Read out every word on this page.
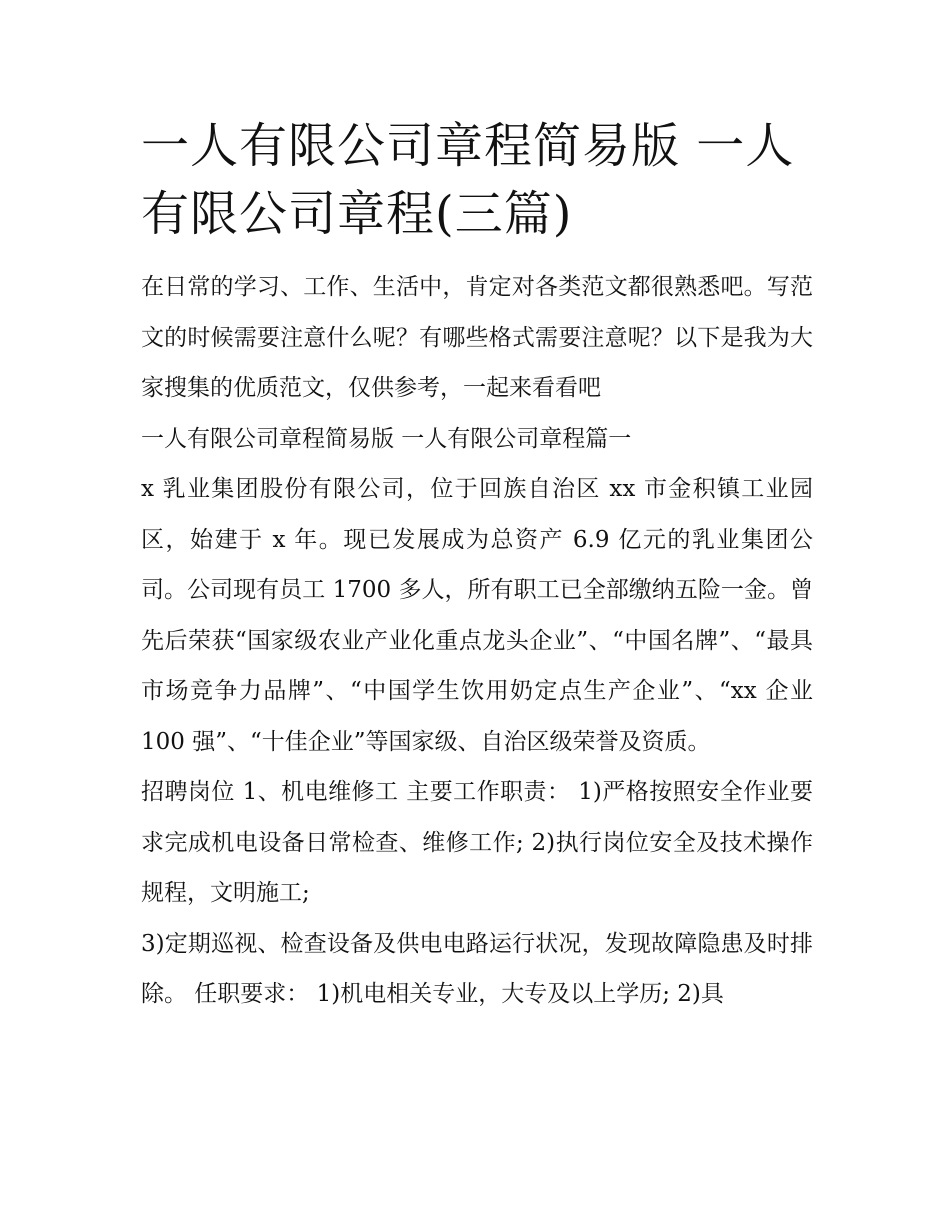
一人有限公司章程简易版 一人有限公司章程(三篇)

在日常的学习、工作、生活中，肯定对各类范文都很熟悉吧。写范文的时候需要注意什么呢？有哪些格式需要注意呢？以下是我为大家搜集的优质范文，仅供参考，一起来看看吧

一人有限公司章程简易版 一人有限公司章程篇一

x 乳业集团股份有限公司，位于回族自治区 xx 市金积镇工业园区，始建于 x 年。现已发展成为总资产 6.9 亿元的乳业集团公司。公司现有员工 1700 多人，所有职工已全部缴纳五险一金。曾先后荣获“国家级农业产业化重点龙头企业”、“中国名牌”、“最具市场竞争力品牌”、“中国学生饮用奶定点生产企业”、“xx 企业 100 强”、“十佳企业”等国家级、自治区级荣誉及资质。

招聘岗位 1、机电维修工 主要工作职责： 1)严格按照安全作业要求完成机电设备日常检查、维修工作; 2)执行岗位安全及技术操作规程，文明施工;

3)定期巡视、检查设备及供电电路运行状况，发现故障隐患及时排除。 任职要求： 1)机电相关专业，大专及以上学历; 2)具
